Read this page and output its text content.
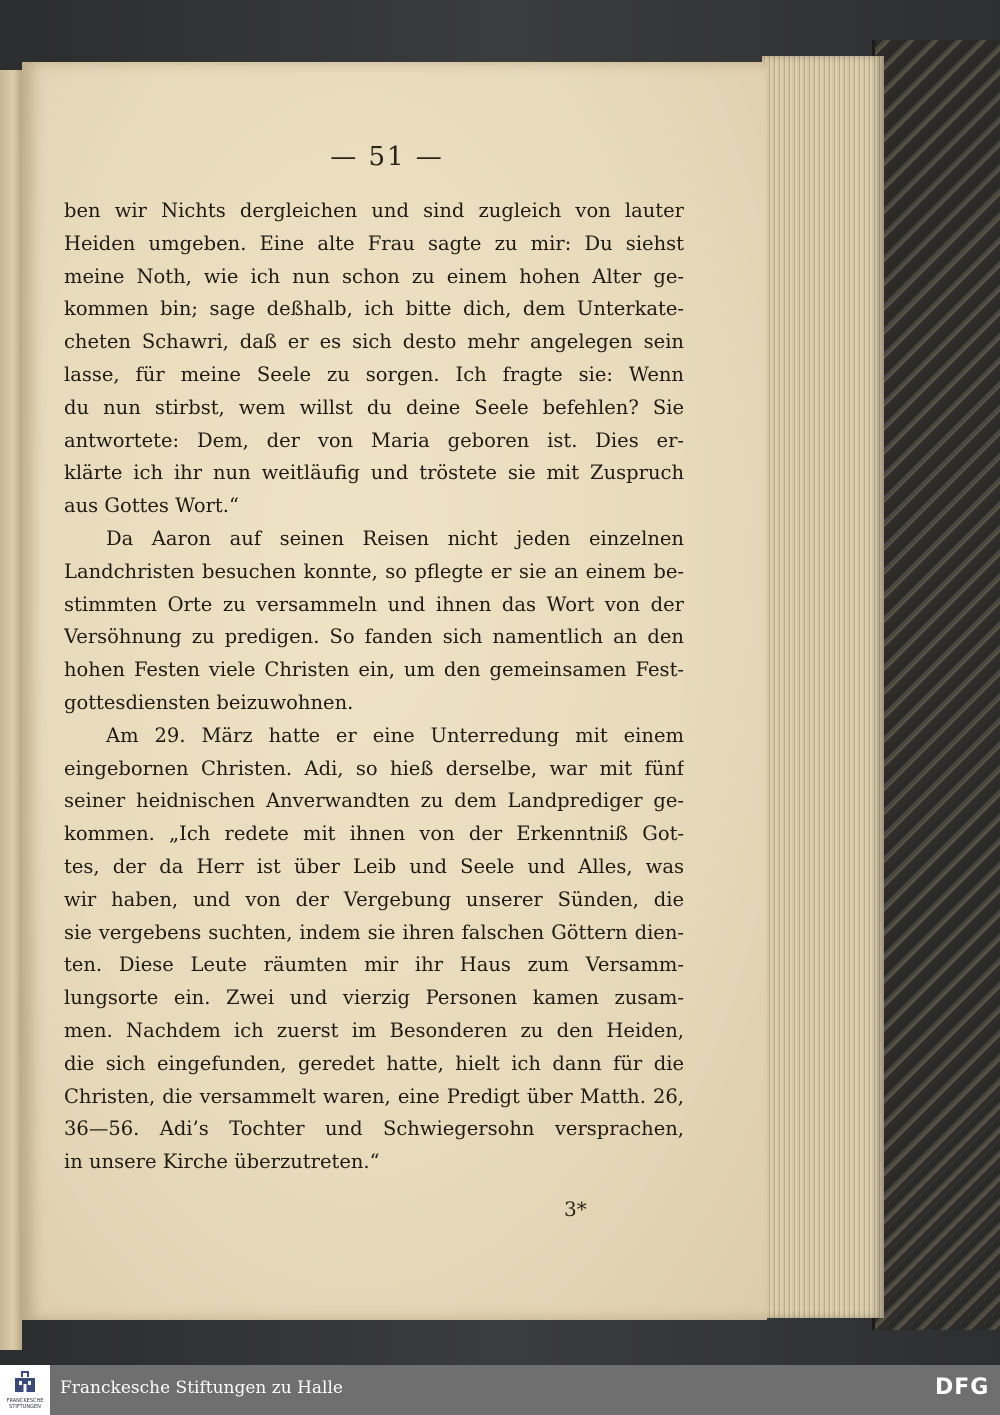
— 51 —
ben wir Nichts dergleichen und sind zugleich von lauter
Heiden umgeben. Eine alte Frau sagte zu mir: Du siehst
meine Noth, wie ich nun schon zu einem hohen Alter ge-
kommen bin; sage deßhalb, ich bitte dich, dem Unterkate-
cheten Schawri, daß er es sich desto mehr angelegen sein
lasse, für meine Seele zu sorgen. Ich fragte sie: Wenn
du nun stirbst, wem willst du deine Seele befehlen? Sie
antwortete: Dem, der von Maria geboren ist. Dies er-
klärte ich ihr nun weitläufig und tröstete sie mit Zuspruch
aus Gottes Wort.“
Da Aaron auf seinen Reisen nicht jeden einzelnen
Landchristen besuchen konnte, so pflegte er sie an einem be-
stimmten Orte zu versammeln und ihnen das Wort von der
Versöhnung zu predigen. So fanden sich namentlich an den
hohen Festen viele Christen ein, um den gemeinsamen Fest-
gottesdiensten beizuwohnen.
Am 29. März hatte er eine Unterredung mit einem
eingebornen Christen. Adi, so hieß derselbe, war mit fünf
seiner heidnischen Anverwandten zu dem Landprediger ge-
kommen. „Ich redete mit ihnen von der Erkenntniß Got-
tes, der da Herr ist über Leib und Seele und Alles, was
wir haben, und von der Vergebung unserer Sünden, die
sie vergebens suchten, indem sie ihren falschen Göttern dien-
ten. Diese Leute räumten mir ihr Haus zum Versamm-
lungsorte ein. Zwei und vierzig Personen kamen zusam-
men. Nachdem ich zuerst im Besonderen zu den Heiden,
die sich eingefunden, geredet hatte, hielt ich dann für die
Christen, die versammelt waren, eine Predigt über Matth. 26,
36—56. Adi’s Tochter und Schwiegersohn versprachen,
in unsere Kirche überzutreten.“
3*
FRANCKESCHE STIFTUNGEN
Franckesche Stiftungen zu Halle	DFG
